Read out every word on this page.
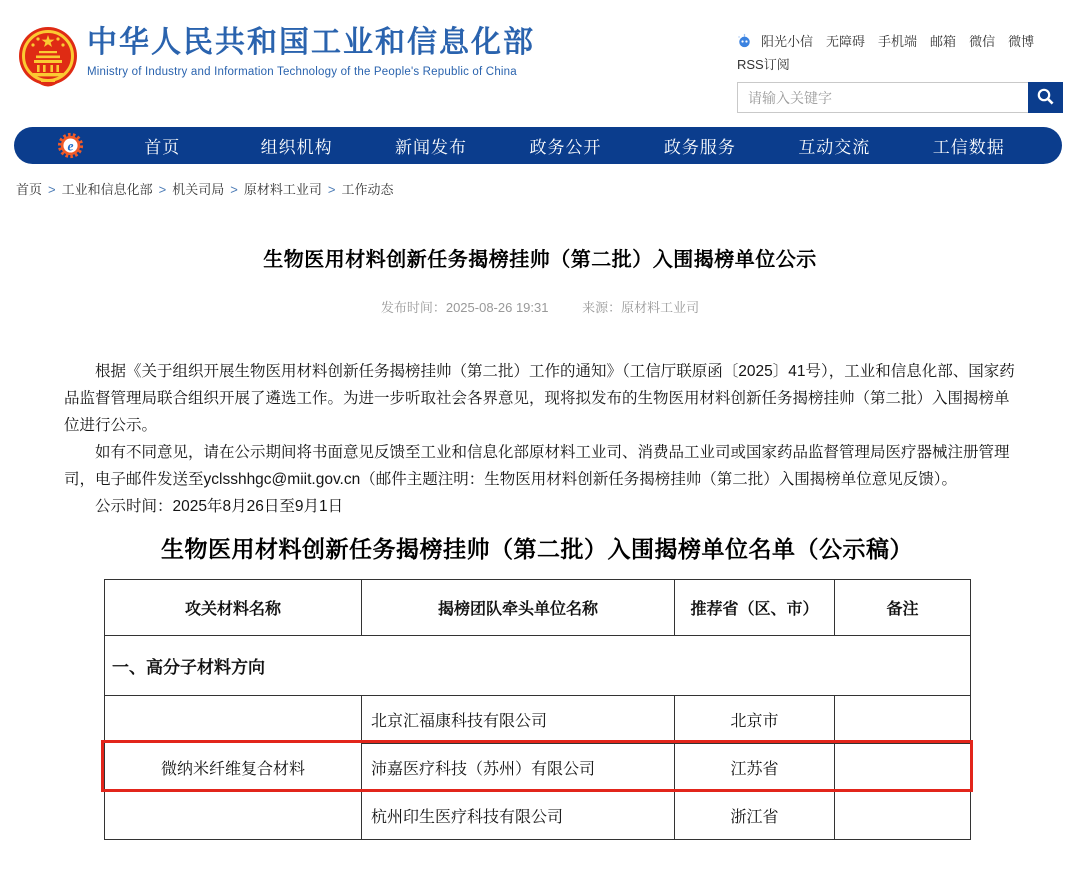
中华人民共和国工业和信息化部
Ministry of Industry and Information Technology of the People's Republic of China
阳光小信 无障碍 手机端 邮箱 微信 微博
RSS订阅
请输入关键字
e	首页	组织机构	新闻发布	政务公开	政务服务	互动交流	工信数据
首页 > 工业和信息化部 > 机关司局 > 原材料工业司 > 工作动态
生物医用材料创新任务揭榜挂帅（第二批）入围揭榜单位公示
发布时间：2025-08-26 19:31	来源：原材料工业司

根据《关于组织开展生物医用材料创新任务揭榜挂帅（第二批）工作的通知》（工信厅联原函〔2025〕41号），工业和信息化部、国家药品监督管理局联合组织开展了遴选工作。为进一步听取社会各界意见，现将拟发布的生物医用材料创新任务揭榜挂帅（第二批）入围揭榜单位进行公示。

如有不同意见，请在公示期间将书面意见反馈至工业和信息化部原材料工业司、消费品工业司或国家药品监督管理局医疗器械注册管理司，电子邮件发送至yclsshhgc@miit.gov.cn（邮件主题注明：生物医用材料创新任务揭榜挂帅（第二批）入围揭榜单位意见反馈）。

公示时间：2025年8月26日至9月1日

生物医用材料创新任务揭榜挂帅（第二批）入围揭榜单位名单（公示稿）
攻关材料名称	揭榜团队牵头单位名称	推荐省（区、市）	备注
一、高分子材料方向			
微纳米纤维复合材料	北京汇福康科技有限公司	北京市	
	沛嘉医疗科技（苏州）有限公司	江苏省	
	杭州印生医疗科技有限公司	浙江省	
